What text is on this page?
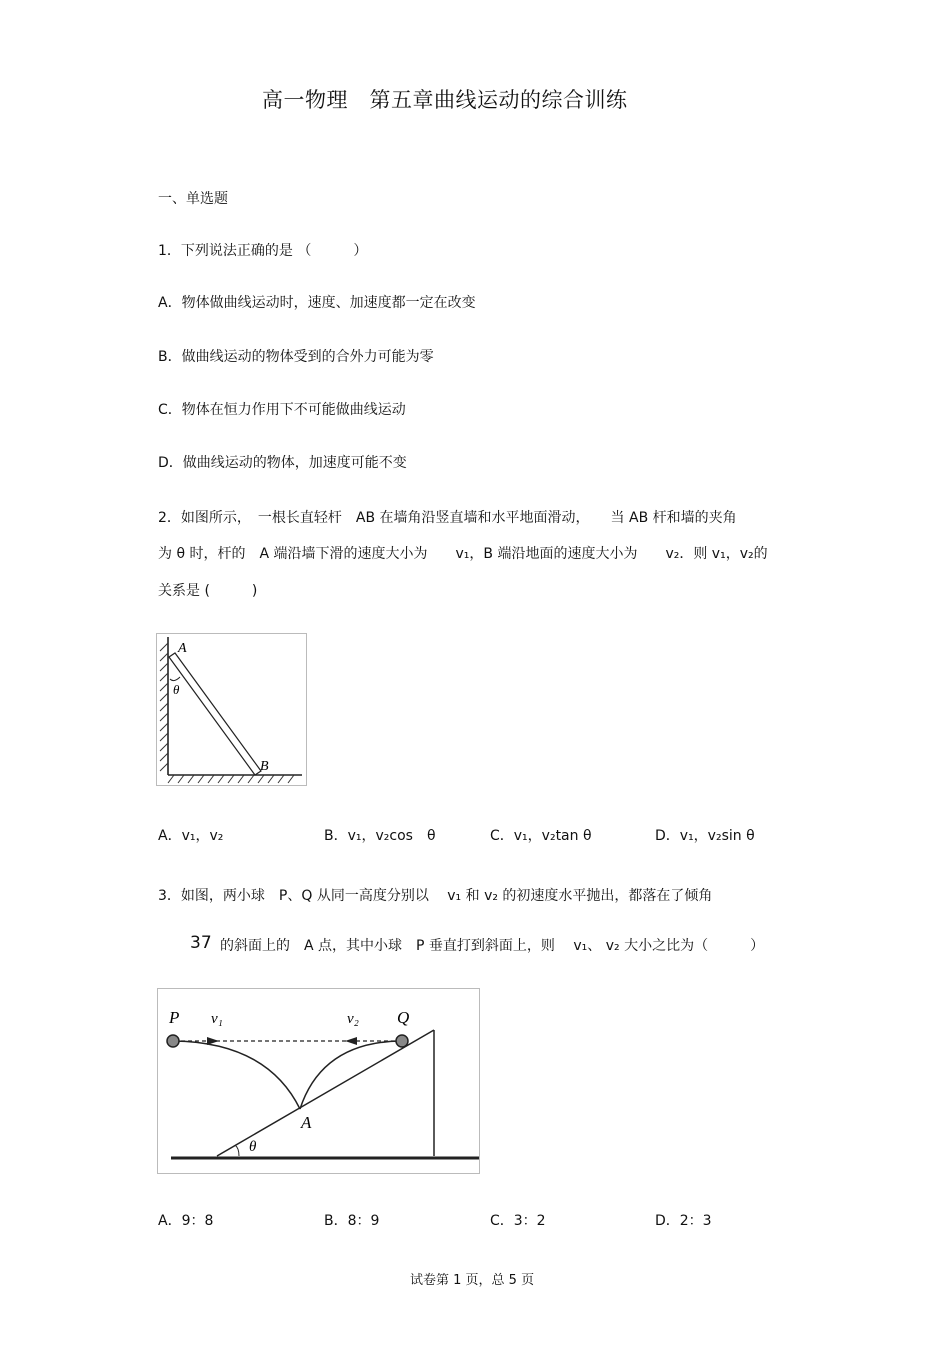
高一物理　第五章曲线运动的综合训练
一、单选题
1．下列说法正确的是 （　　　）
A．物体做曲线运动时，速度、加速度都一定在改变
B．做曲线运动的物体受到的合外力可能为零
C．物体在恒力作用下不可能做曲线运动
D．做曲线运动的物体，加速度可能不变
2．如图所示，　一根长直轻杆　AB 在墙角沿竖直墙和水平地面滑动，　　当 AB 杆和墙的夹角
为 θ 时，杆的　A 端沿墙下滑的速度大小为　　v₁，B 端沿地面的速度大小为　　v₂．则 v₁，v₂的
关系是 (　　　)
A
θ
B
A．v₁，v₂	B．v₁，v₂cos　θ	C．v₁，v₂tan θ	D．v₁，v₂sin θ
3．如图，两小球　P、Q 从同一高度分别以　 v₁ 和 v₂ 的初速度水平抛出，都落在了倾角
37 的斜面上的　A 点，其中小球　P 垂直打到斜面上，则　 v₁、 v₂ 大小之比为（　　　）
θ
P v₁	v₂ Q
A
A．9：8	B．8：9	C．3：2	D．2：3
试卷第 1 页，总 5 页
